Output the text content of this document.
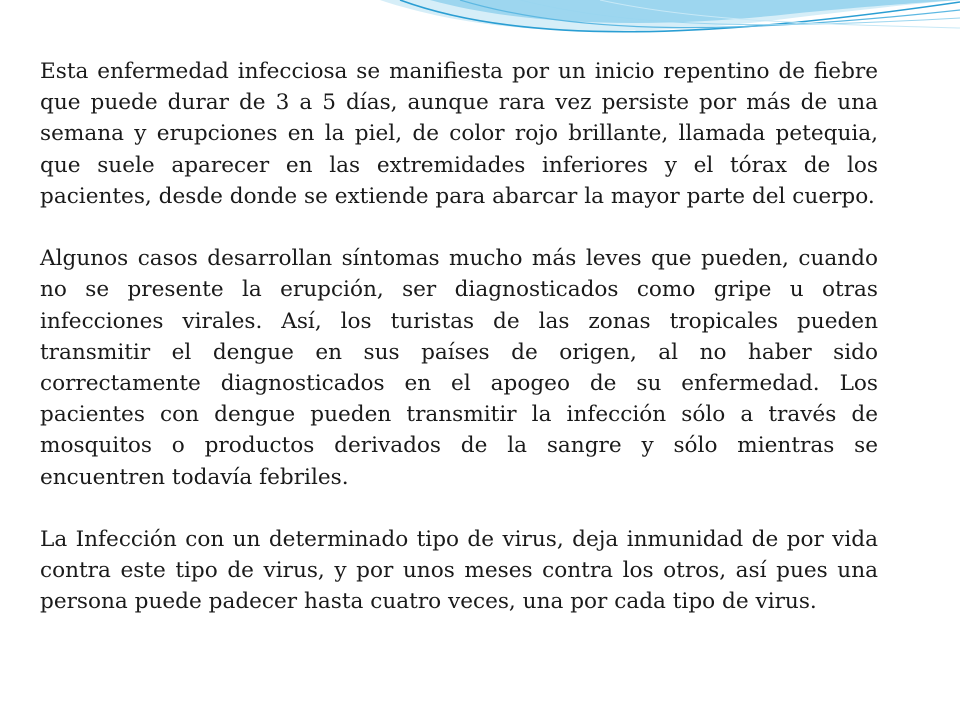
Esta enfermedad infecciosa se manifiesta por un inicio repentino de fiebre que puede durar de 3 a 5 días, aunque rara vez persiste por más de una semana y erupciones en la piel, de color rojo brillante, llamada petequia, que suele aparecer en las extremidades inferiores y el tórax de los pacientes, desde donde se extiende para abarcar la mayor parte del cuerpo.

Algunos casos desarrollan síntomas mucho más leves que pueden, cuando no se presente la erupción, ser diagnosticados como gripe u otras infecciones virales. Así, los turistas de las zonas tropicales pueden transmitir el dengue en sus países de origen, al no haber sido correctamente diagnosticados en el apogeo de su enfermedad. Los pacientes con dengue pueden transmitir la infección sólo a través de mosquitos o productos derivados de la sangre y sólo mientras se encuentren todavía febriles.

La Infección con un determinado tipo de virus, deja inmunidad de por vida contra este tipo de virus, y por unos meses contra los otros, así pues una persona puede padecer hasta cuatro veces, una por cada tipo de virus.
